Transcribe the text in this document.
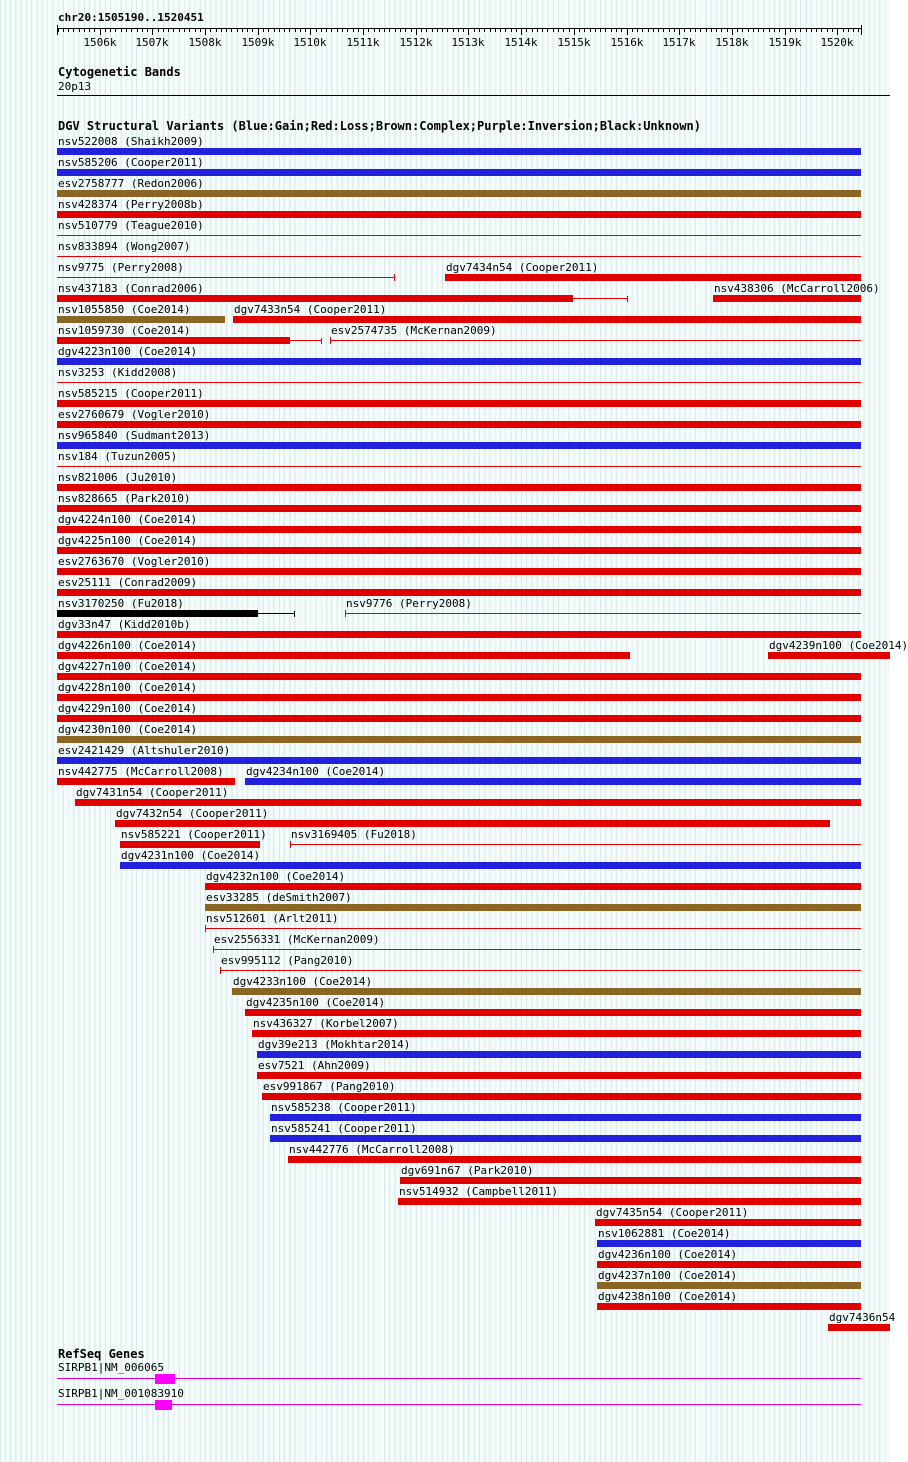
chr20:1505190..1520451
Cytogenetic Bands
20p13
DGV Structural Variants (Blue:Gain;Red:Loss;Brown:Complex;Purple:Inversion;Black:Unknown)
RefSeq Genes
1506k 1507k 1508k 1509k 1510k 1511k 1512k 1513k 1514k 1515k 1516k 1517k 1518k 1519k 1520k
nsv522008 (Shaikh2009)
nsv585206 (Cooper2011)
esv2758777 (Redon2006)
nsv428374 (Perry2008b)
nsv510779 (Teague2010)
nsv833894 (Wong2007)
nsv9775 (Perry2008)	dgv7434n54 (Cooper2011)
nsv437183 (Conrad2006)	nsv438306 (McCarroll2006)
nsv1055850 (Coe2014)	dgv7433n54 (Cooper2011)
nsv1059730 (Coe2014)	esv2574735 (McKernan2009)
dgv4223n100 (Coe2014)
nsv3253 (Kidd2008)
nsv585215 (Cooper2011)
esv2760679 (Vogler2010)
nsv965840 (Sudmant2013)
nsv184 (Tuzun2005)
nsv821006 (Ju2010)
nsv828665 (Park2010)
dgv4224n100 (Coe2014)
dgv4225n100 (Coe2014)
esv2763670 (Vogler2010)
esv25111 (Conrad2009)
nsv3170250 (Fu2018)	nsv9776 (Perry2008)
dgv33n47 (Kidd2010b)
dgv4226n100 (Coe2014)	dgv4239n100 (Coe2014)
dgv4227n100 (Coe2014)
dgv4228n100 (Coe2014)
dgv4229n100 (Coe2014)
dgv4230n100 (Coe2014)
esv2421429 (Altshuler2010)
nsv442775 (McCarroll2008) dgv4234n100 (Coe2014)
dgv7431n54 (Cooper2011)
dgv7432n54 (Cooper2011)
nsv585221 (Cooper2011) nsv3169405 (Fu2018)
dgv4231n100 (Coe2014)
dgv4232n100 (Coe2014)
esv33285 (deSmith2007)
nsv512601 (Arlt2011)
esv2556331 (McKernan2009)
esv995112 (Pang2010)
dgv4233n100 (Coe2014)
dgv4235n100 (Coe2014)
nsv436327 (Korbel2007)
dgv39e213 (Mokhtar2014)
esv7521 (Ahn2009)
esv991867 (Pang2010)
nsv585238 (Cooper2011)
nsv585241 (Cooper2011)
nsv442776 (McCarroll2008)
dgv691n67 (Park2010)
nsv514932 (Campbell2011)
dgv7435n54 (Cooper2011)
nsv1062881 (Coe2014)
dgv4236n100 (Coe2014)
dgv4237n100 (Coe2014)
dgv4238n100 (Coe2014)
dgv7436n54
SIRPB1|NM_006065
SIRPB1|NM_001083910
